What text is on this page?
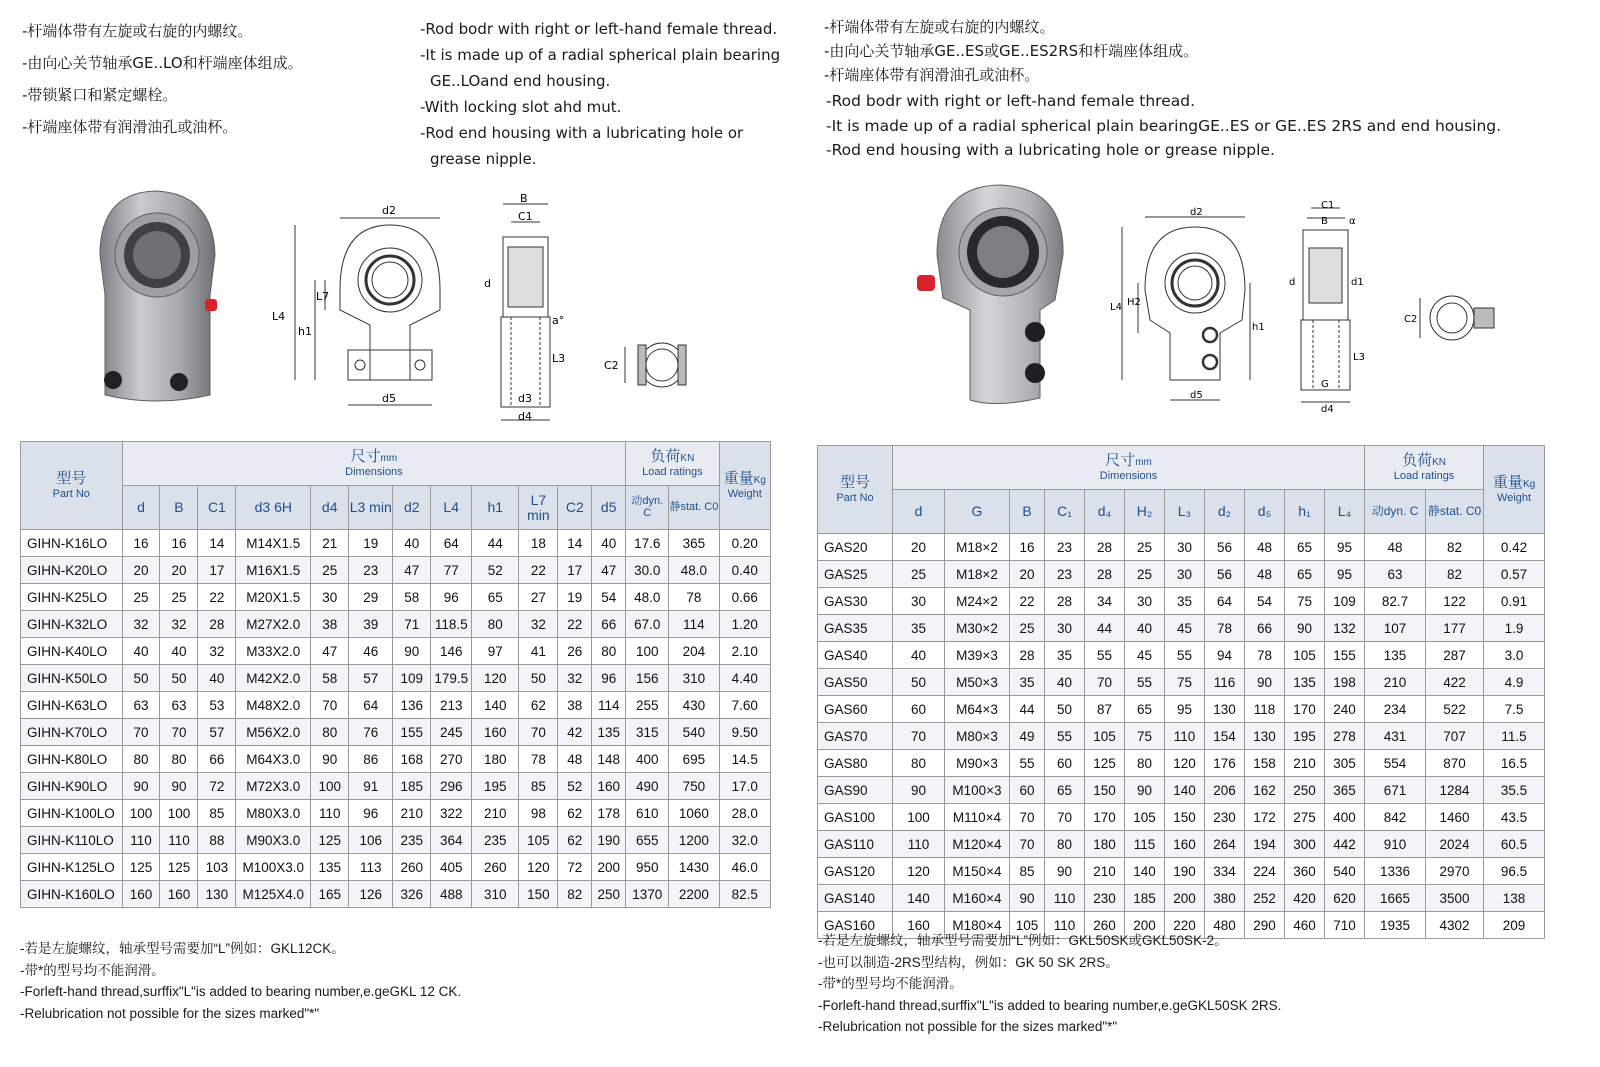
-杆端体带有左旋或右旋的内螺纹。
-由向心关节轴承GE..LO和杆端座体组成。
-带锁紧口和紧定螺栓。
-杆端座体带有润滑油孔或油杯。
-Rod bodr with right or left-hand female thread.
-It is made up of a radial spherical plain bearing
GE..LOand end housing.
-With locking slot ahd mut.
-Rod end housing with a lubricating hole or
grease nipple.
d2
L4
h1
L7
d5
B
C1
d
a°
L3
d3
d4
C2
型号
Part No	尺寸mm
Dimensions												负荷KN
Load ratings		重量Kg
Weight

	d	B	C1	d3 6H	d4	L3 min	d2	L4	h1	L7 min	C2	d5	动dyn. C	静stat. C0	
GIHN-K16LO	16	16	14	M14X1.5	21	19	40	64	44	18	14	40	17.6	365	0.20
GIHN-K20LO	20	20	17	M16X1.5	25	23	47	77	52	22	17	47	30.0	48.0	0.40
GIHN-K25LO	25	25	22	M20X1.5	30	29	58	96	65	27	19	54	48.0	78	0.66
GIHN-K32LO	32	32	28	M27X2.0	38	39	71	118.5	80	32	22	66	67.0	114	1.20
GIHN-K40LO	40	40	32	M33X2.0	47	46	90	146	97	41	26	80	100	204	2.10
GIHN-K50LO	50	50	40	M42X2.0	58	57	109	179.5	120	50	32	96	156	310	4.40
GIHN-K63LO	63	63	53	M48X2.0	70	64	136	213	140	62	38	114	255	430	7.60
GIHN-K70LO	70	70	57	M56X2.0	80	76	155	245	160	70	42	135	315	540	9.50
GIHN-K80LO	80	80	66	M64X3.0	90	86	168	270	180	78	48	148	400	695	14.5
GIHN-K90LO	90	90	72	M72X3.0	100	91	185	296	195	85	52	160	490	750	17.0
GIHN-K100LO	100	100	85	M80X3.0	110	96	210	322	210	98	62	178	610	1060	28.0
GIHN-K110LO	110	110	88	M90X3.0	125	106	235	364	235	105	62	190	655	1200	32.0
GIHN-K125LO	125	125	103	M100X3.0	135	113	260	405	260	120	72	200	950	1430	46.0
GIHN-K160LO	160	160	130	M125X4.0	165	126	326	488	310	150	82	250	1370	2200	82.5
-若是左旋螺纹，轴承型号需要加“L”例如：GKL12CK。
-带*的型号均不能润滑。
-Forleft-hand thread,surffix"L"is added to bearing number,e.geGKL 12 CK.
-Relubrication not possible for the sizes marked"*"
-杆端体带有左旋或右旋的内螺纹。
-由向心关节轴承GE..ES或GE..ES2RS和杆端座体组成。
-杆端座体带有润滑油孔或油杯。
-Rod bodr with right or left-hand female thread.
-It is made up of a radial spherical plain bearingGE..ES or GE..ES 2RS and end housing.
-Rod end housing with a lubricating hole or grease nipple.
d2
L4 H2
h1
d5
C1
B α
d	d1
L3
G
d4
C2
型号
Part No	尺寸mm
Dimensions											负荷KN
Load ratings		重量Kg
Weight

	d	G	B	C₁	d₄	H₂	L₃	d₂	d₅	h₁	L₄	动dyn. C	静stat. C0	
GAS20	20	M18×2	16	23	28	25	30	56	48	65	95	48	82	0.42
GAS25	25	M18×2	20	23	28	25	30	56	48	65	95	63	82	0.57
GAS30	30	M24×2	22	28	34	30	35	64	54	75	109	82.7	122	0.91
GAS35	35	M30×2	25	30	44	40	45	78	66	90	132	107	177	1.9
GAS40	40	M39×3	28	35	55	45	55	94	78	105	155	135	287	3.0
GAS50	50	M50×3	35	40	70	55	75	116	90	135	198	210	422	4.9
GAS60	60	M64×3	44	50	87	65	95	130	118	170	240	234	522	7.5
GAS70	70	M80×3	49	55	105	75	110	154	130	195	278	431	707	11.5
GAS80	80	M90×3	55	60	125	80	120	176	158	210	305	554	870	16.5
GAS90	90	M100×3	60	65	150	90	140	206	162	250	365	671	1284	35.5
GAS100	100	M110×4	70	70	170	105	150	230	172	275	400	842	1460	43.5
GAS110	110	M120×4	70	80	180	115	160	264	194	300	442	910	2024	60.5
GAS120	120	M150×4	85	90	210	140	190	334	224	360	540	1336	2970	96.5
GAS140	140	M160×4	90	110	230	185	200	380	252	420	620	1665	3500	138
GAS160	160	M180×4	105	110	260	200	220	480	290	460	710	1935	4302	209
-若是左旋螺纹，轴承型号需要加“L”例如：GKL50SK或GKL50SK-2。
-也可以制造-2RS型结构，例如：GK 50 SK 2RS。
-带*的型号均不能润滑。
-Forleft-hand thread,surffix"L"is added to bearing number,e.geGKL50SK 2RS.
-Relubrication not possible for the sizes marked"*"
